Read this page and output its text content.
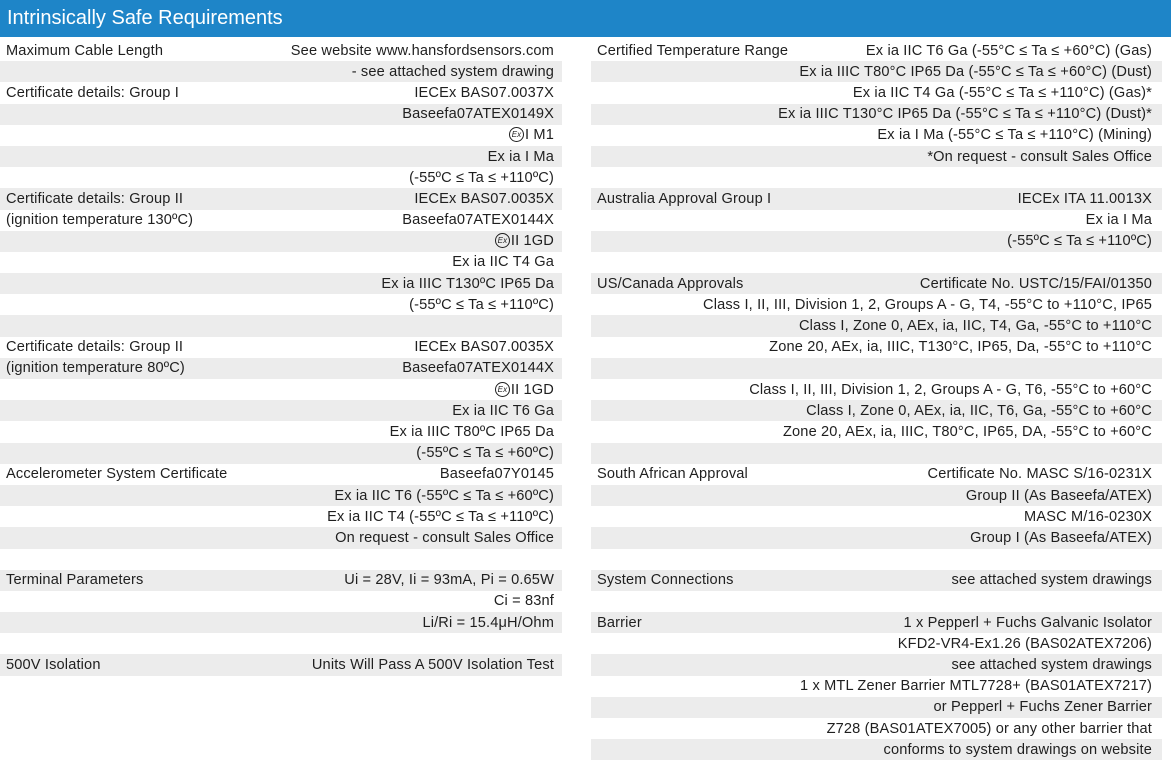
Intrinsically Safe Requirements
Maximum Cable Length	See website www.hansfordsensors.com
- see attached system drawing
Certificate details: Group I	IECEx BAS07.0037X
Baseefa07ATEX0149X
Ex I M1
Ex ia I Ma
(-55ºC ≤ Ta ≤ +110ºC)
Certificate details: Group II	IECEx BAS07.0035X
(ignition temperature 130ºC)	Baseefa07ATEX0144X
Ex II 1GD
Ex ia IIC T4 Ga
Ex ia IIIC T130ºC IP65 Da
(-55ºC ≤ Ta ≤ +110ºC)
Certificate details: Group II	IECEx BAS07.0035X
(ignition temperature 80ºC)	Baseefa07ATEX0144X
Ex II 1GD
Ex ia IIC T6 Ga
Ex ia IIIC T80ºC IP65 Da
(-55ºC ≤ Ta ≤ +60ºC)
Accelerometer System Certificate	Baseefa07Y0145
Ex ia IIC T6 (-55ºC ≤ Ta ≤ +60ºC)
Ex ia IIC T4 (-55ºC ≤ Ta ≤ +110ºC)
On request - consult Sales Office
Terminal Parameters	Ui = 28V, Ii = 93mA, Pi = 0.65W
Ci = 83nf
Li/Ri = 15.4μH/Ohm
500V Isolation	Units Will Pass A 500V Isolation Test
Certified Temperature Range	Ex ia IIC T6 Ga (-55°C ≤ Ta ≤ +60°C) (Gas)
Ex ia IIIC T80°C IP65 Da (-55°C ≤ Ta ≤ +60°C) (Dust)
Ex ia IIC T4 Ga (-55°C ≤ Ta ≤ +110°C) (Gas)*
Ex ia IIIC T130°C IP65 Da (-55°C ≤ Ta ≤ +110°C) (Dust)*
Ex ia I Ma (-55°C ≤ Ta ≤ +110°C) (Mining)
*On request - consult Sales Office
Australia Approval Group I	IECEx ITA 11.0013X
Ex ia I Ma
(-55ºC ≤ Ta ≤ +110ºC)
US/Canada Approvals	Certificate No. USTC/15/FAI/01350
Class I, II, III, Division 1, 2, Groups A - G, T4, -55°C to +110°C, IP65
Class I, Zone 0, AEx, ia, IIC, T4, Ga, -55°C to +110°C
Zone 20, AEx, ia, IIIC, T130°C, IP65, Da, -55°C to +110°C
Class I, II, III, Division 1, 2, Groups A - G, T6, -55°C to +60°C
Class I, Zone 0, AEx, ia, IIC, T6, Ga, -55°C to +60°C
Zone 20, AEx, ia, IIIC, T80°C, IP65, DA, -55°C to +60°C
South African Approval	Certificate No. MASC S/16-0231X
Group II (As Baseefa/ATEX)
MASC M/16-0230X
Group I (As Baseefa/ATEX)
System Connections	see attached system drawings
Barrier	1 x Pepperl + Fuchs Galvanic Isolator
KFD2-VR4-Ex1.26 (BAS02ATEX7206)
see attached system drawings
1 x MTL Zener Barrier MTL7728+ (BAS01ATEX7217)
or Pepperl + Fuchs Zener Barrier
Z728 (BAS01ATEX7005) or any other barrier that
conforms to system drawings on website
